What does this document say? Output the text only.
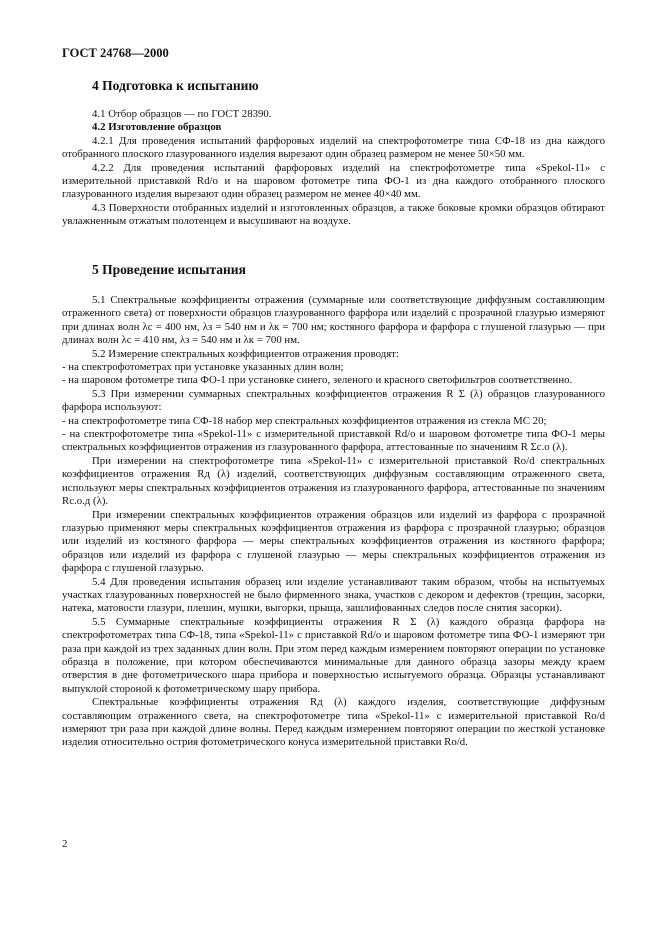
ГОСТ 24768—2000
4 Подготовка к испытанию

4.1 Отбор образцов — по ГОСТ 28390.

4.2 Изготовление образцов

4.2.1 Для проведения испытаний фарфоровых изделий на спектрофотометре типа СФ-18 из дна каждого отобранного плоского глазурованного изделия вырезают один образец размером не менее 50×50 мм.

4.2.2 Для проведения испытаний фарфоровых изделий на спектрофотометре типа «Spekol-11» с измерительной приставкой Rd/o и на шаровом фотометре типа ФО-1 из дна каждого отобранного плоского глазурованного изделия вырезают один образец размером не менее 40×40 мм.

4.3 Поверхности отобранных изделий и изготовленных образцов, а также боковые кромки образцов обтирают увлажненным отжатым полотенцем и высушивают на воздухе.

5 Проведение испытания

5.1 Спектральные коэффициенты отражения (суммарные или соответствующие диффузным составляющим отраженного света) от поверхности образцов глазурованного фарфора или изделий с прозрачной глазурью измеряют при длинах волн λс = 400 нм, λз = 540 нм и λк = 700 нм; костяного фарфора и фарфора с глушеной глазурью — при длинах волн λс = 410 нм, λз = 540 нм и λк = 700 нм.

5.2 Измерение спектральных коэффициентов отражения проводят:

- на спектрофотометрах при установке указанных длин волн;

- на шаровом фотометре типа ФО-1 при установке синего, зеленого и красного светофильтров соответственно.

5.3 При измерении суммарных спектральных коэффициентов отражения R Σ (λ) образцов глазурованного фарфора используют:

- на спектрофотометре типа СФ-18 набор мер спектральных коэффициентов отражения из стекла МС 20;

- на спектрофотометре типа «Spekol-11» с измерительной приставкой Rd/o и шаровом фотометре типа ФО-1 меры спектральных коэффициентов отражения из глазурованного фарфора, аттестованные по значениям R Σс.о (λ).

При измерении на спектрофотометре типа «Spekol-11» с измерительной приставкой Ro/d спектральных коэффициентов отражения Rд (λ) изделий, соответствующих диффузным составляющим отраженного света, используют меры спектральных коэффициентов отражения из глазурованного фарфора, аттестованные по значениям Rс.о.д (λ).

При измерении спектральных коэффициентов отражения образцов или изделий из фарфора с прозрачной глазурью применяют меры спектральных коэффициентов отражения из фарфора с прозрачной глазурью; образцов или изделий из костяного фарфора — меры спектральных коэффициентов отражения из костяного фарфора; образцов или изделий из фарфора с глушеной глазурью — меры спектральных коэффициентов отражения из фарфора с глушеной глазурью.

5.4 Для проведения испытания образец или изделие устанавливают таким образом, чтобы на испытуемых участках глазурованных поверхностей не было фирменного знака, участков с декором и дефектов (трещин, засорки, натека, матовости глазури, плешин, мушки, выгорки, прыща, зашлифованных следов после снятия засорки).

5.5 Суммарные спектральные коэффициенты отражения R Σ (λ) каждого образца фарфора на спектрофотометрах типа СФ-18, типа «Spekol-11» с приставкой Rd/o и шаровом фотометре типа ФО-1 измеряют три раза при каждой из трех заданных длин волн. При этом перед каждым измерением повторяют операции по установке образца в положение, при котором обеспечиваются минимальные для данного образца зазоры между краем отверстия в дне фотометрического шара прибора и поверхностью испытуемого образца. Образцы устанавливают выпуклой стороной к фотометрическому шару прибора.

Спектральные коэффициенты отражения Rд (λ) каждого изделия, соответствующие диффузным составляющим отраженного света, на спектрофотометре типа «Spekol-11» с измерительной приставкой Ro/d измеряют три раза при каждой длине волны. Перед каждым измерением повторяют операции по жесткой установке изделия относительно острия фотометрического конуса измерительной приставки Ro/d.

2
